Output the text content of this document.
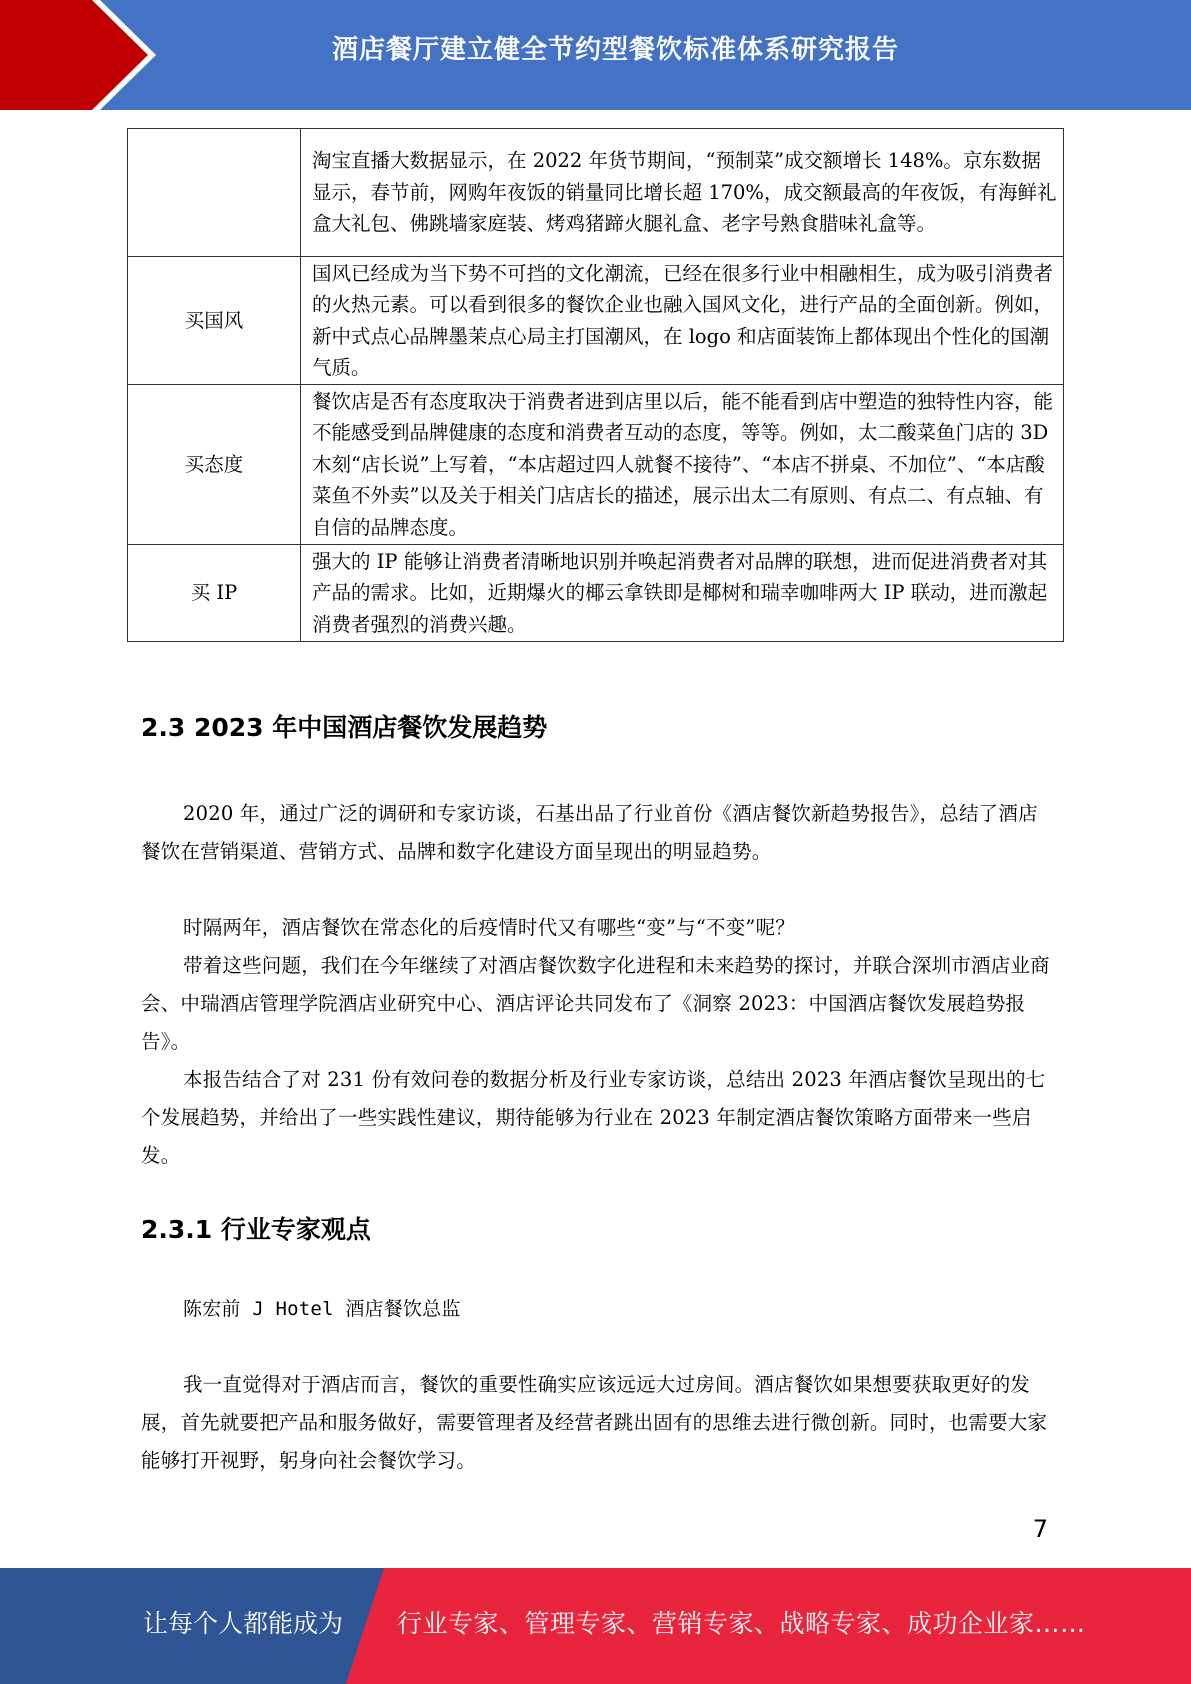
酒店餐厅建立健全节约型餐饮标准体系研究报告
	淘宝直播大数据显示，在 2022 年货节期间，“预制菜”成交额增长 148%。京东数据显示，春节前，网购年夜饭的销量同比增长超 170%，成交额最高的年夜饭，有海鲜礼盒大礼包、佛跳墙家庭装、烤鸡猪蹄火腿礼盒、老字号熟食腊味礼盒等。
买国风	国风已经成为当下势不可挡的文化潮流，已经在很多行业中相融相生，成为吸引消费者的火热元素。可以看到很多的餐饮企业也融入国风文化，进行产品的全面创新。例如，新中式点心品牌墨茉点心局主打国潮风，在 logo 和店面装饰上都体现出个性化的国潮气质。
买态度	餐饮店是否有态度取决于消费者进到店里以后，能不能看到店中塑造的独特性内容，能不能感受到品牌健康的态度和消费者互动的态度，等等。例如，太二酸菜鱼门店的 3D 木刻“店长说”上写着，“本店超过四人就餐不接待”、“本店不拼桌、不加位”、“本店酸菜鱼不外卖”以及关于相关门店店长的描述，展示出太二有原则、有点二、有点轴、有自信的品牌态度。
买 IP	强大的 IP 能够让消费者清晰地识别并唤起消费者对品牌的联想，进而促进消费者对其产品的需求。比如，近期爆火的椰云拿铁即是椰树和瑞幸咖啡两大 IP 联动，进而激起消费者强烈的消费兴趣。
2.3 2023 年中国酒店餐饮发展趋势

2020 年，通过广泛的调研和专家访谈，石基出品了行业首份《酒店餐饮新趋势报告》，总结了酒店餐饮在营销渠道、营销方式、品牌和数字化建设方面呈现出的明显趋势。

时隔两年，酒店餐饮在常态化的后疫情时代又有哪些“变”与“不变”呢？

带着这些问题，我们在今年继续了对酒店餐饮数字化进程和未来趋势的探讨，并联合深圳市酒店业商会、中瑞酒店管理学院酒店业研究中心、酒店评论共同发布了《洞察 2023：中国酒店餐饮发展趋势报告》。

本报告结合了对 231 份有效问卷的数据分析及行业专家访谈，总结出 2023 年酒店餐饮呈现出的七个发展趋势，并给出了一些实践性建议，期待能够为行业在 2023 年制定酒店餐饮策略方面带来一些启发。

2.3.1 行业专家观点

陈宏前 J Hotel 酒店餐饮总监

我一直觉得对于酒店而言，餐饮的重要性确实应该远远大过房间。酒店餐饮如果想要获取更好的发展，首先就要把产品和服务做好，需要管理者及经营者跳出固有的思维去进行微创新。同时，也需要大家能够打开视野，躬身向社会餐饮学习。

7
让每个人都能成为 行业专家、管理专家、营销专家、战略专家、成功企业家……
